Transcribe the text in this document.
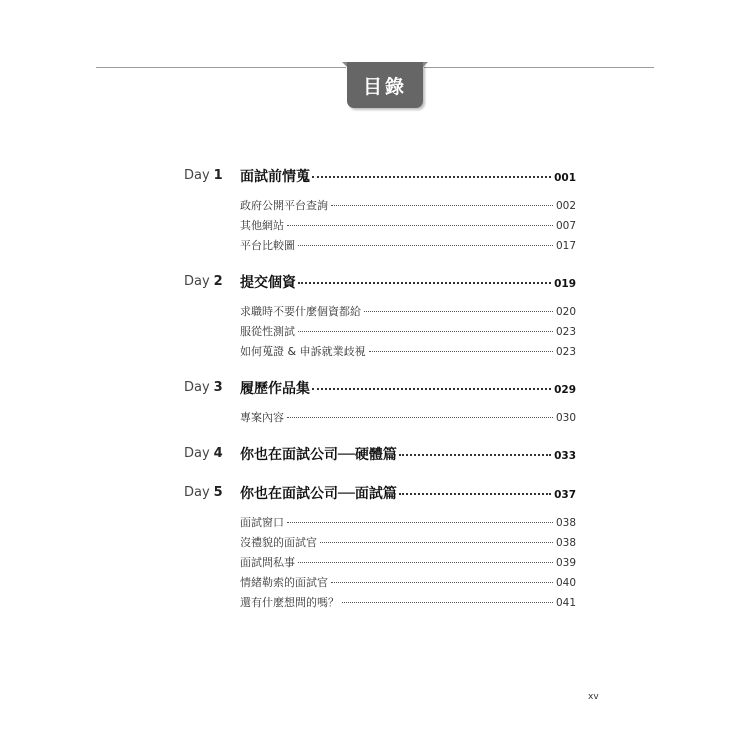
目錄
Day 1 面試前情蒐	001
政府公開平台查詢	002
其他網站	007
平台比較圖	017
Day 2 提交個資	019
求職時不要什麼個資都給	020
服從性測試	023
如何蒐證 & 申訴就業歧視	023
Day 3 履歷作品集	029
專案內容	030
Day 4 你也在面試公司──硬體篇	033
Day 5 你也在面試公司──面試篇	037
面試窗口	038
沒禮貌的面試官	038
面試問私事	039
情緒勒索的面試官	040
還有什麼想問的嗎？	041
xv
